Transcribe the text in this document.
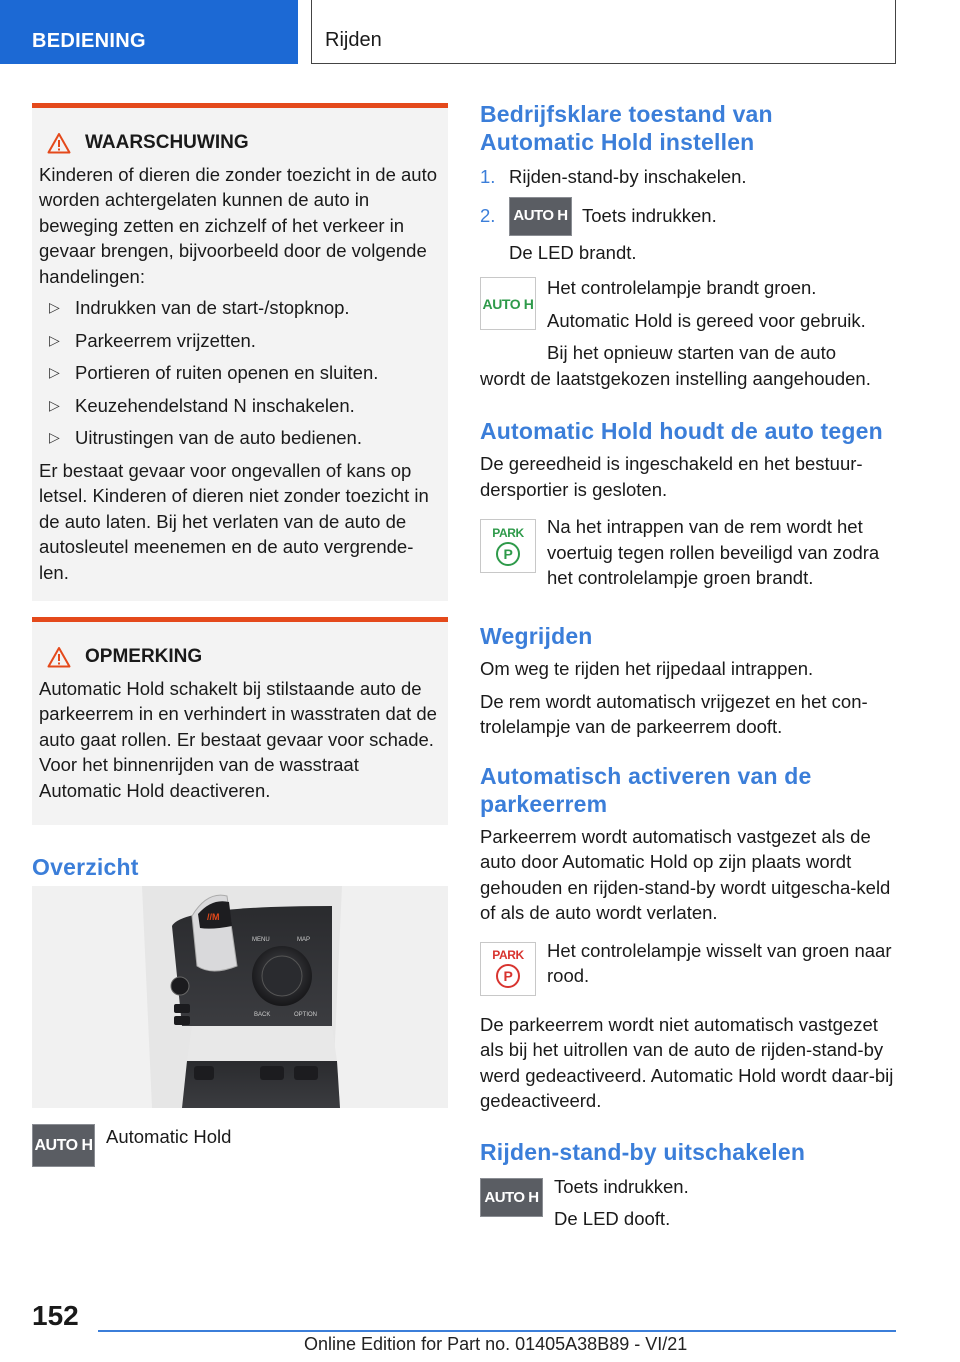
BEDIENING	Rijden
WAARSCHUWING

Kinderen of dieren die zonder toezicht in de auto worden achtergelaten kunnen de auto in beweging zetten en zichzelf of het verkeer in gevaar brengen, bijvoorbeeld door de volgende handelingen:

▷ Indrukken van de start-/stopknop.
▷ Parkeerrem vrijzetten.
▷ Portieren of ruiten openen en sluiten.
▷ Keuzehendelstand N inschakelen.
▷ Uitrustingen van de auto bedienen.

Er bestaat gevaar voor ongevallen of kans op letsel. Kinderen of dieren niet zonder toezicht in de auto laten. Bij het verlaten van de auto de autosleutel meenemen en de auto vergrende-len.

OPMERKING

Automatic Hold schakelt bij stilstaande auto de parkeerrem in en verhindert in wasstraten dat de auto gaat rollen. Er bestaat gevaar voor schade. Voor het binnenrijden van de wasstraat Automatic Hold deactiveren.

Overzicht
//M
MENU	MAP
BACK	OPTION
AUTO H Automatic Hold
Bedrijfsklare toestand van
Automatic Hold instellen
1. Rijden-stand-by inschakelen.
2.	AUTO H Toets indrukken.
De LED brandt.
AUTO H
Het controlelampje brandt groen.
Automatic Hold is gereed voor gebruik.
Bij het opnieuw starten van de auto
wordt de laatstgekozen instelling aangehouden.
Automatic Hold houdt de auto tegen
De gereedheid is ingeschakeld en het bestuur-dersportier is gesloten.
PARK
P
Na het intrappen van de rem wordt het voertuig tegen rollen beveiligd van zodra het controlelampje groen brandt.
Wegrijden
Om weg te rijden het rijpedaal intrappen.
De rem wordt automatisch vrijgezet en het con-trolelampje van de parkeerrem dooft.
Automatisch activeren van de
parkeerrem
Parkeerrem wordt automatisch vastgezet als de auto door Automatic Hold op zijn plaats wordt gehouden en rijden-stand-by wordt uitgescha-keld of als de auto wordt verlaten.
PARK
P
Het controlelampje wisselt van groen naar rood.
De parkeerrem wordt niet automatisch vastgezet als bij het uitrollen van de auto de rijden-stand-by werd gedeactiveerd. Automatic Hold wordt daar-bij gedeactiveerd.
Rijden-stand-by uitschakelen
AUTO H
Toets indrukken.
De LED dooft.
152
Online Edition for Part no. 01405A38B89 - VI/21
